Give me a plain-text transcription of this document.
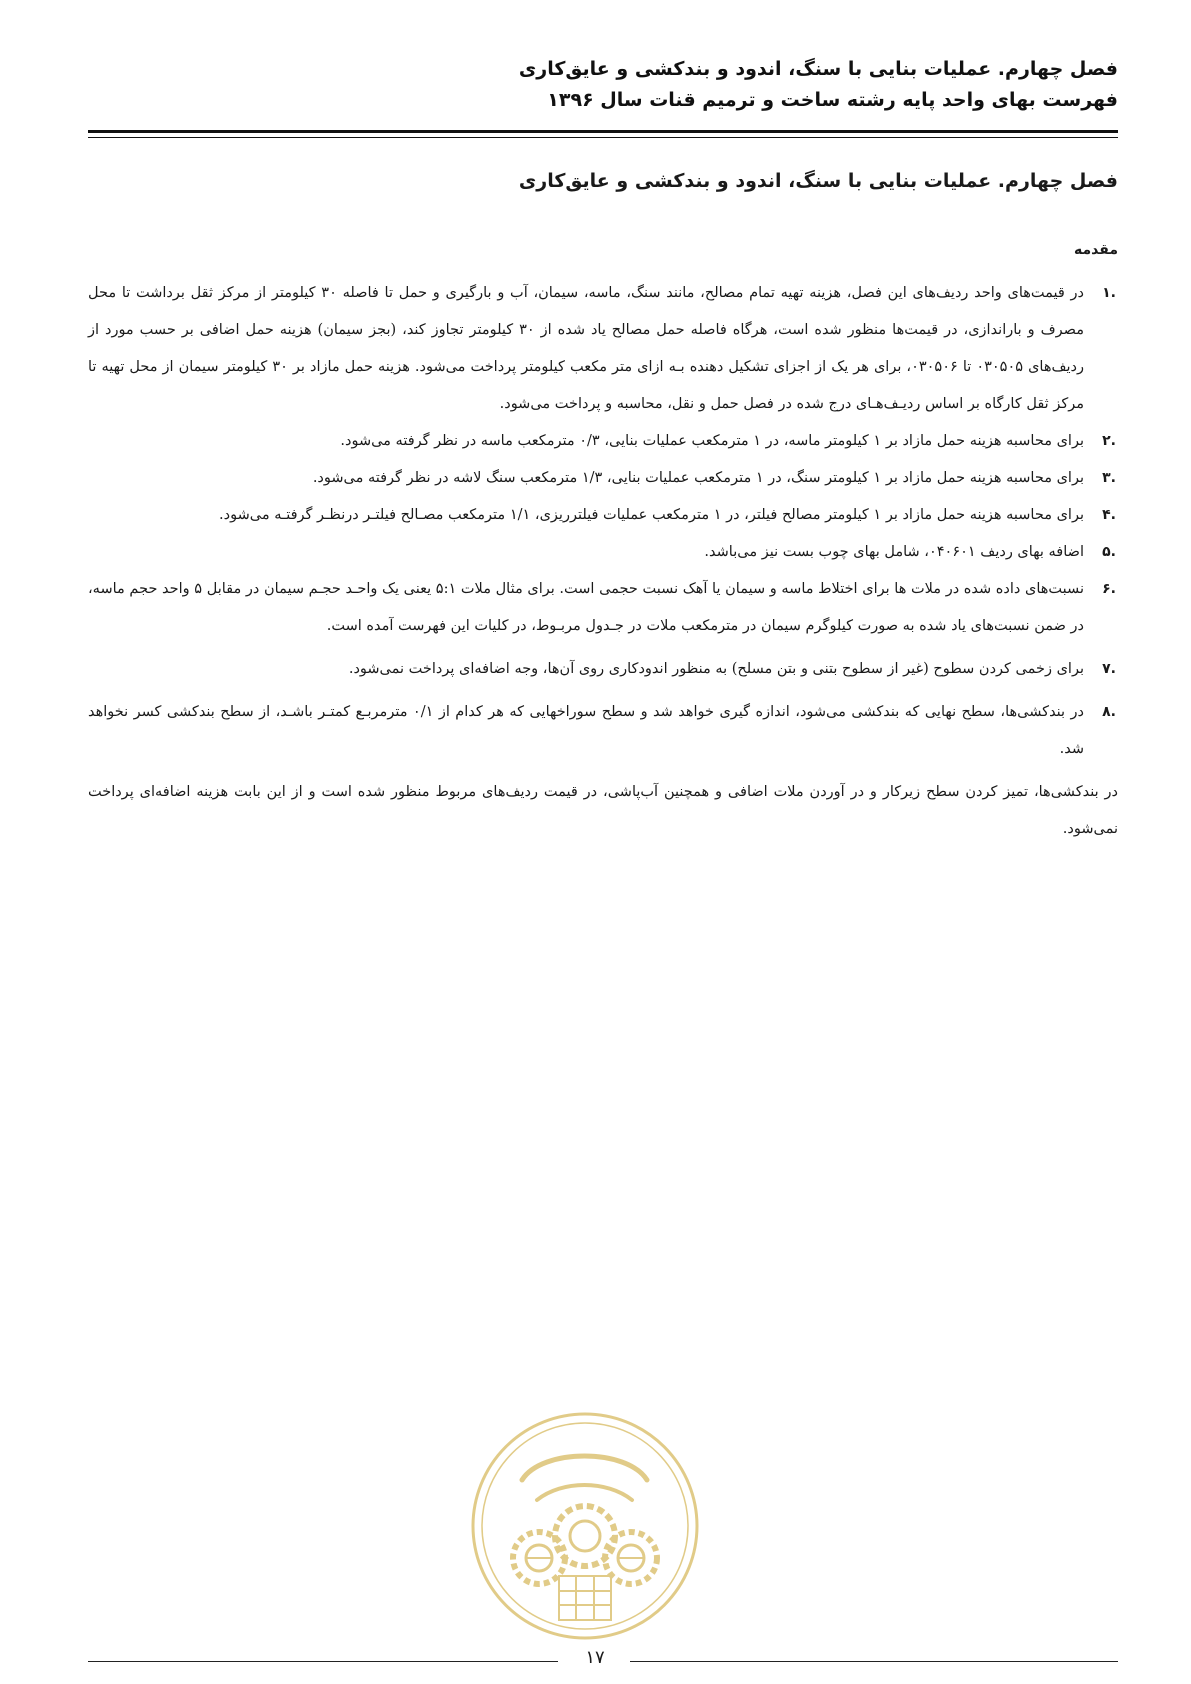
فصل چهارم. عملیات بنایی با سنگ، اندود و بندکشی و عایق‌کاری
فهرست بهای واحد پایه رشته ساخت و ترمیم قنات سال ۱۳۹۶
فصل چهارم. عملیات بنایی با سنگ، اندود و بندکشی و عایق‌کاری
مقدمه
.۱
در قیمت‌های واحد ردیف‌های این فصل، هزینه تهیه تمام مصالح، مانند سنگ، ماسه، سیمان، آب و بارگیری و حمل تا فاصله ۳۰ کیلومتر از مرکز ثقل برداشت تا محل مصرف و باراندازی، در قیمت‌ها منظور شده است، هرگاه فاصله حمل مصالح یاد شده از ۳۰ کیلومتر تجاوز کند، (بجز سیمان) هزینه حمل اضافی بر حسب مورد از ردیف‌های ۰۳۰۵۰۵ تا ۰۳۰۵۰۶، برای هر یک از اجزای تشکیل دهنده بـه ازای متر مکعب کیلومتر پرداخت می‌شود. هزینه حمل مازاد بر ۳۰ کیلومتر سیمان از محل تهیه تا مرکز ثقل کارگاه بر اساس ردیـف‌هـای درج شده در فصل حمل و نقل، محاسبه و پرداخت می‌شود.
.۲
برای محاسبه هزینه حمل مازاد بر ۱ کیلومتر ماسه، در ۱ مترمکعب عملیات بنایی، ۰/۳ مترمکعب ماسه در نظر گرفته می‌شود.
.۳
برای محاسبه هزینه حمل مازاد بر ۱ کیلومتر سنگ، در ۱ مترمکعب عملیات بنایی، ۱/۳ مترمکعب سنگ لاشه در نظر گرفته می‌شود.
.۴
برای محاسبه هزینه حمل مازاد بر ۱ کیلومتر مصالح فیلتر، در ۱ مترمکعب عملیات فیلترریزی، ۱/۱ مترمکعب مصـالح فیلتـر درنظـر گرفتـه می‌شود.
.۵
اضافه بهای ردیف ۰۴۰۶۰۱، شامل بهای چوب بست نیز می‌باشد.
.۶
نسبت‌های داده شده در ملات ها برای اختلاط ماسه و سیمان یا آهک نسبت حجمی است. برای مثال ملات ۵:۱ یعنی یک واحـد حجـم سیمان در مقابل ۵ واحد حجم ماسه، در ضمن نسبت‌های یاد شده به صورت کیلوگرم سیمان در مترمکعب ملات در جـدول مربـوط، در کلیات این فهرست آمده است.
.۷
برای زخمی کردن سطوح (غیر از سطوح بتنی و بتن مسلح) به منظور اندودکاری روی آن‌ها، وجه اضافه‌ای پرداخت نمی‌شود.
.۸
در بندکشی‌ها، سطح نهایی که بندکشی می‌شود، اندازه گیری خواهد شد و سطح سوراخهایی که هر کدام از ۰/۱ مترمربـع کمتـر باشـد، از سطح بندکشی کسر نخواهد شد.

در بندکشی‌ها، تمیز کردن سطح زیرکار و در آوردن ملات اضافی و همچنین آب‌پاشی، در قیمت ردیف‌های مربوط منظور شده است و از این بابت هزینه اضافه‌ای پرداخت نمی‌شود.

۱۷
